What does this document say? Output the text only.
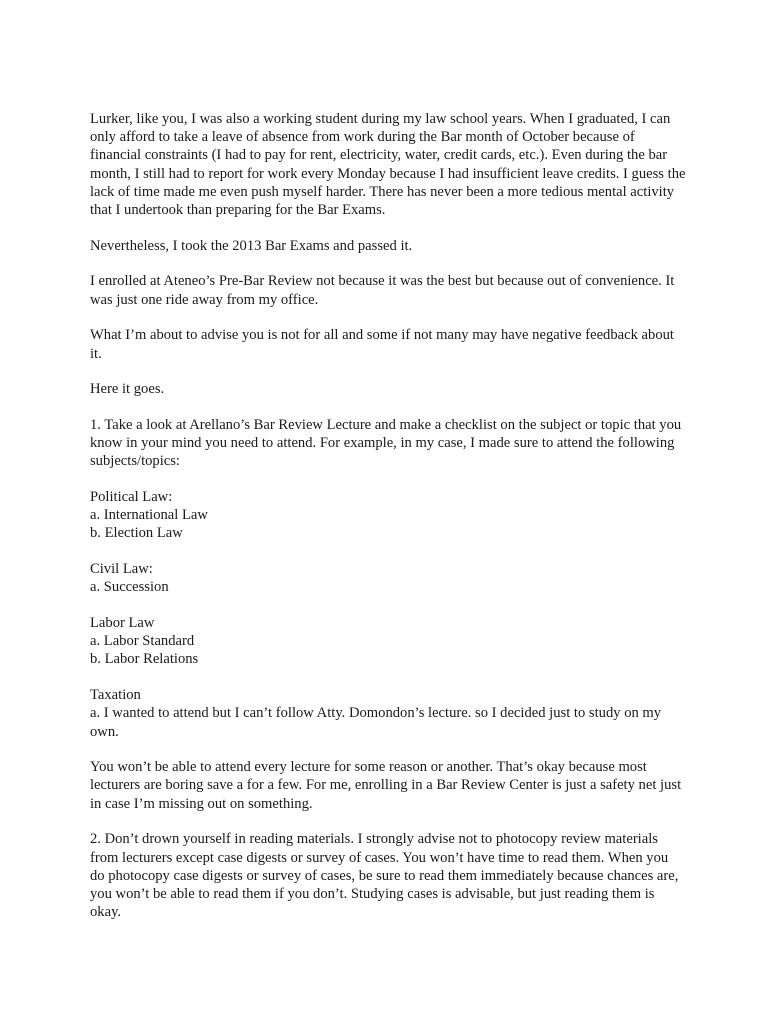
Lurker, like you, I was also a working student during my law school years. When I graduated, I can only afford to take a leave of absence from work during the Bar month of October because of financial constraints (I had to pay for rent, electricity, water, credit cards, etc.). Even during the bar month, I still had to report for work every Monday because I had insufficient leave credits. I guess the lack of time made me even push myself harder. There has never been a more tedious mental activity that I undertook than preparing for the Bar Exams.

Nevertheless, I took the 2013 Bar Exams and passed it.

I enrolled at Ateneo’s Pre-Bar Review not because it was the best but because out of convenience. It was just one ride away from my office.

What I’m about to advise you is not for all and some if not many may have negative feedback about it.

Here it goes.

1. Take a look at Arellano’s Bar Review Lecture and make a checklist on the subject or topic that you know in your mind you need to attend. For example, in my case, I made sure to attend the following subjects/topics:

Political Law:
a. International Law
b. Election Law
Civil Law:
a. Succession
Labor Law
a. Labor Standard
b. Labor Relations
Taxation
a. I wanted to attend but I can’t follow Atty. Domondon’s lecture. so I decided just to study on my own.

You won’t be able to attend every lecture for some reason or another. That’s okay because most lecturers are boring save a for a few. For me, enrolling in a Bar Review Center is just a safety net just in case I’m missing out on something.

2. Don’t drown yourself in reading materials. I strongly advise not to photocopy review materials from lecturers except case digests or survey of cases. You won’t have time to read them. When you do photocopy case digests or survey of cases, be sure to read them immediately because chances are, you won’t be able to read them if you don’t. Studying cases is advisable, but just reading them is okay.
